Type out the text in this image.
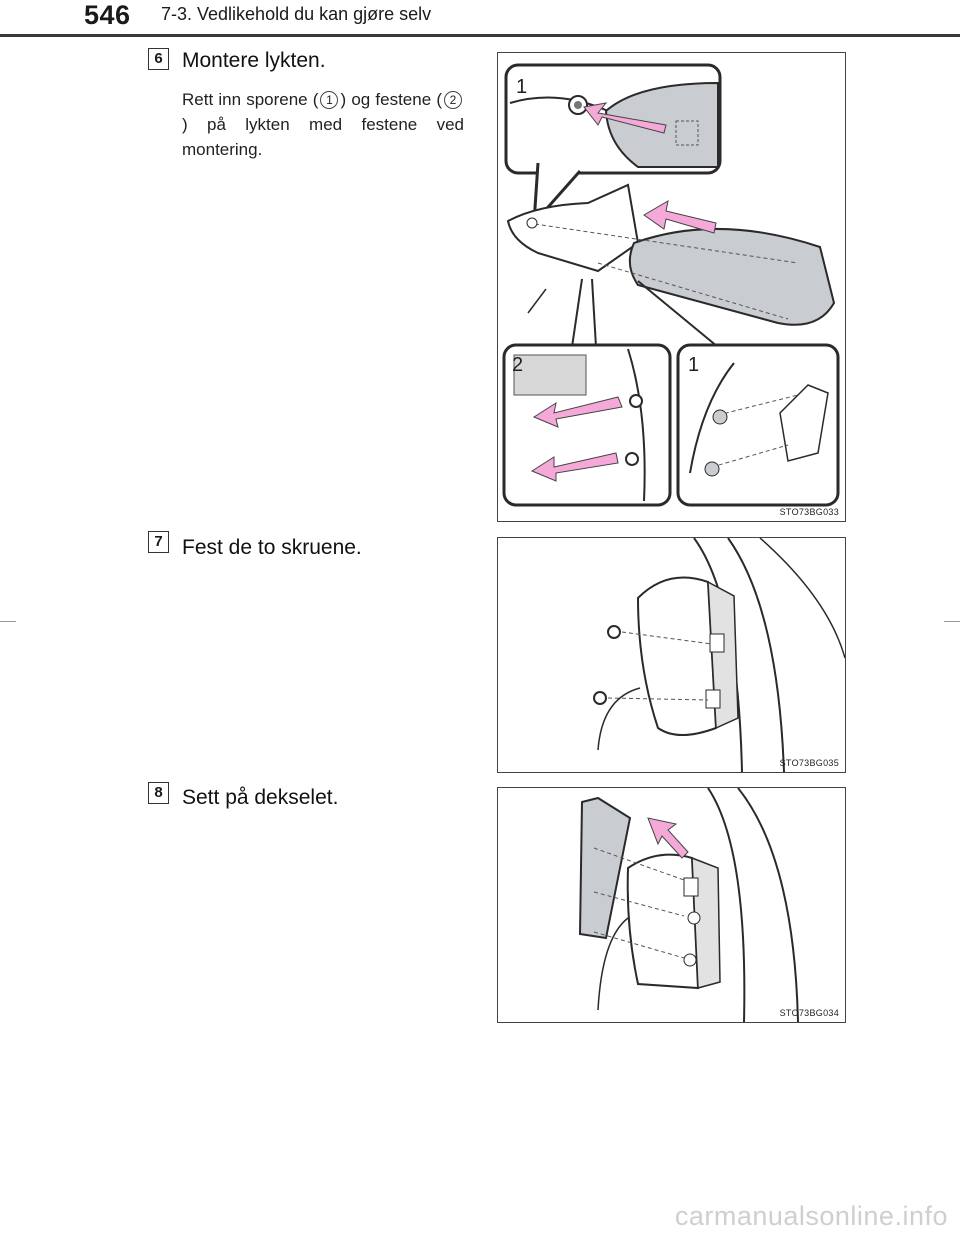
546 7-3. Vedlikehold du kan gjøre selv
6 Montere lykten.
Rett inn sporene ( 1 ) og festene ( 2) på lykten med festene ved montering.
1
2	1
STO73BG033
7 Fest de to skruene.
STO73BG035
8 Sett på dekselet.
STO73BG034
carmanualsonline.info
